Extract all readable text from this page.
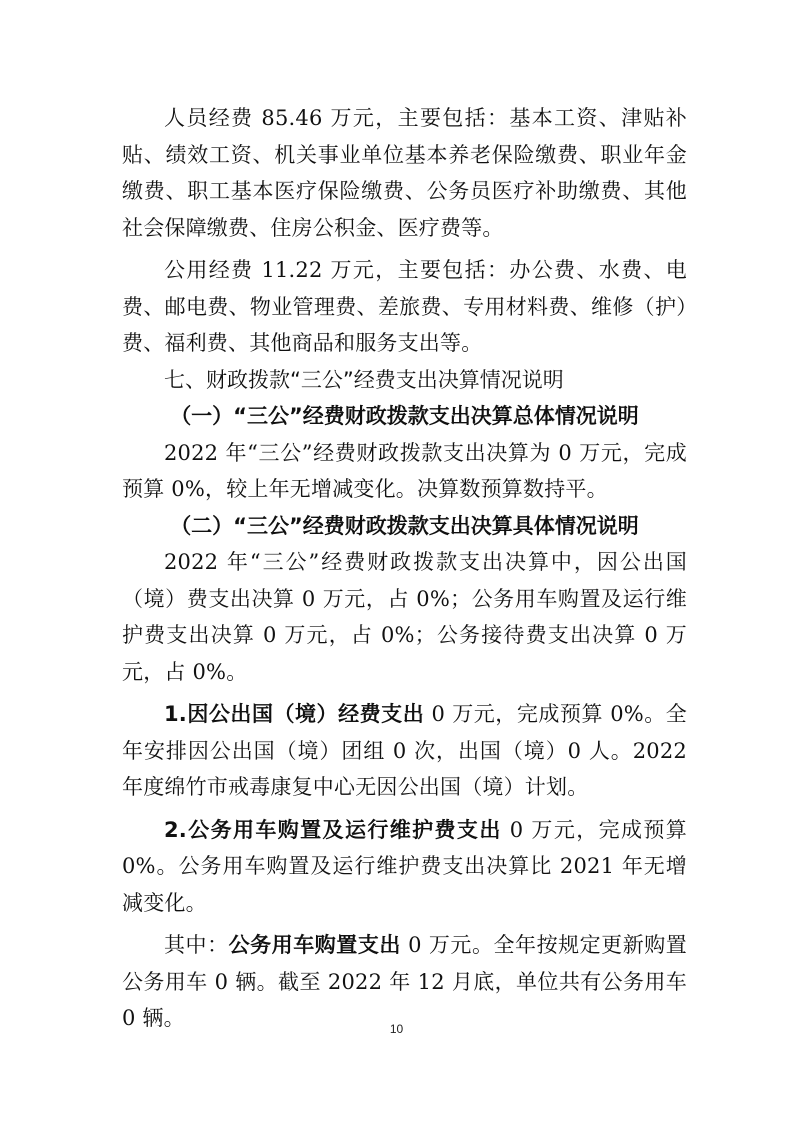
人员经费 85.46 万元，主要包括：基本工资、津贴补贴、绩效工资、机关事业单位基本养老保险缴费、职业年金缴费、职工基本医疗保险缴费、公务员医疗补助缴费、其他社会保障缴费、住房公积金、医疗费等。

公用经费 11.22 万元，主要包括：办公费、水费、电费、邮电费、物业管理费、差旅费、专用材料费、维修（护）费、福利费、其他商品和服务支出等。

七、财政拨款“三公”经费支出决算情况说明

（一）“三公”经费财政拨款支出决算总体情况说明

2022 年“三公”经费财政拨款支出决算为 0 万元，完成预算 0%，较上年无增减变化。决算数预算数持平。

（二）“三公”经费财政拨款支出决算具体情况说明

2022 年“三公”经费财政拨款支出决算中，因公出国（境）费支出决算 0 万元，占 0%；公务用车购置及运行维护费支出决算 0 万元，占 0%；公务接待费支出决算 0 万元，占 0%。

1.因公出国（境）经费支出 0 万元，完成预算 0%。全年安排因公出国（境）团组 0 次，出国（境）0 人。2022 年度绵竹市戒毒康复中心无因公出国（境）计划。

2.公务用车购置及运行维护费支出 0 万元，完成预算 0%。公务用车购置及运行维护费支出决算比 2021 年无增减变化。

其中：公务用车购置支出 0 万元。全年按规定更新购置公务用车 0 辆。截至 2022 年 12 月底，单位共有公务用车 0 辆。	10
